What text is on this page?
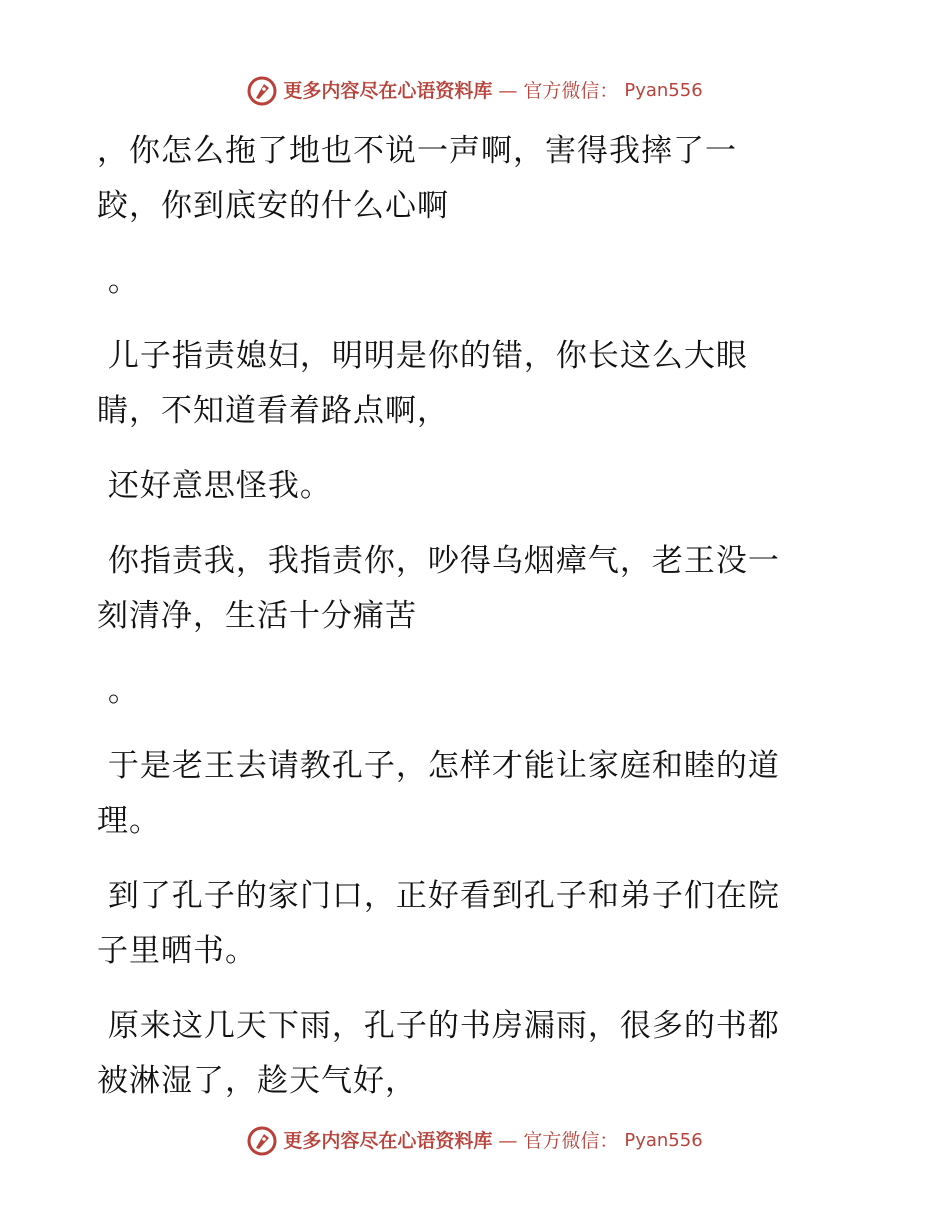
更多内容尽在心语资料库 — 官方微信： Pyan556

，你怎么拖了地也不说一声啊，害得我摔了一

跤，你到底安的什么心啊

。

儿子指责媳妇，明明是你的错，你长这么大眼

睛，不知道看着路点啊，

还好意思怪我。

你指责我，我指责你，吵得乌烟瘴气，老王没一

刻清净，生活十分痛苦

。

于是老王去请教孔子，怎样才能让家庭和睦的道

理。

到了孔子的家门口，正好看到孔子和弟子们在院

子里晒书。

原来这几天下雨，孔子的书房漏雨，很多的书都

被淋湿了，趁天气好，

更多内容尽在心语资料库 — 官方微信： Pyan556
